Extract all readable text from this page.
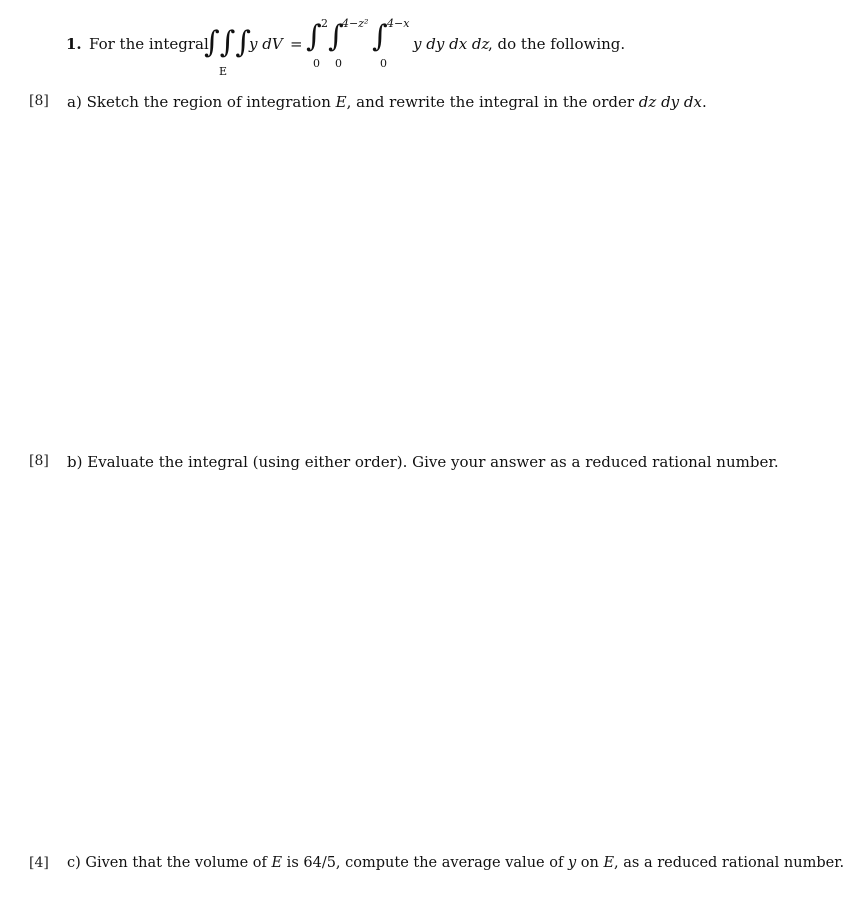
1. For the integral
∫∫∫
E
y dV = ∫ 2
0
∫
4−z²
0
∫ 4−x
0
y dy dx dz
, do the following.
[8] a) Sketch the region of integration E, and rewrite the integral in the order dz dy dx.
[8] b) Evaluate the integral (using either order). Give your answer as a reduced rational number.
[4] c) Given that the volume of E is 64/5, compute the average value of y on E, as a reduced rational number.
